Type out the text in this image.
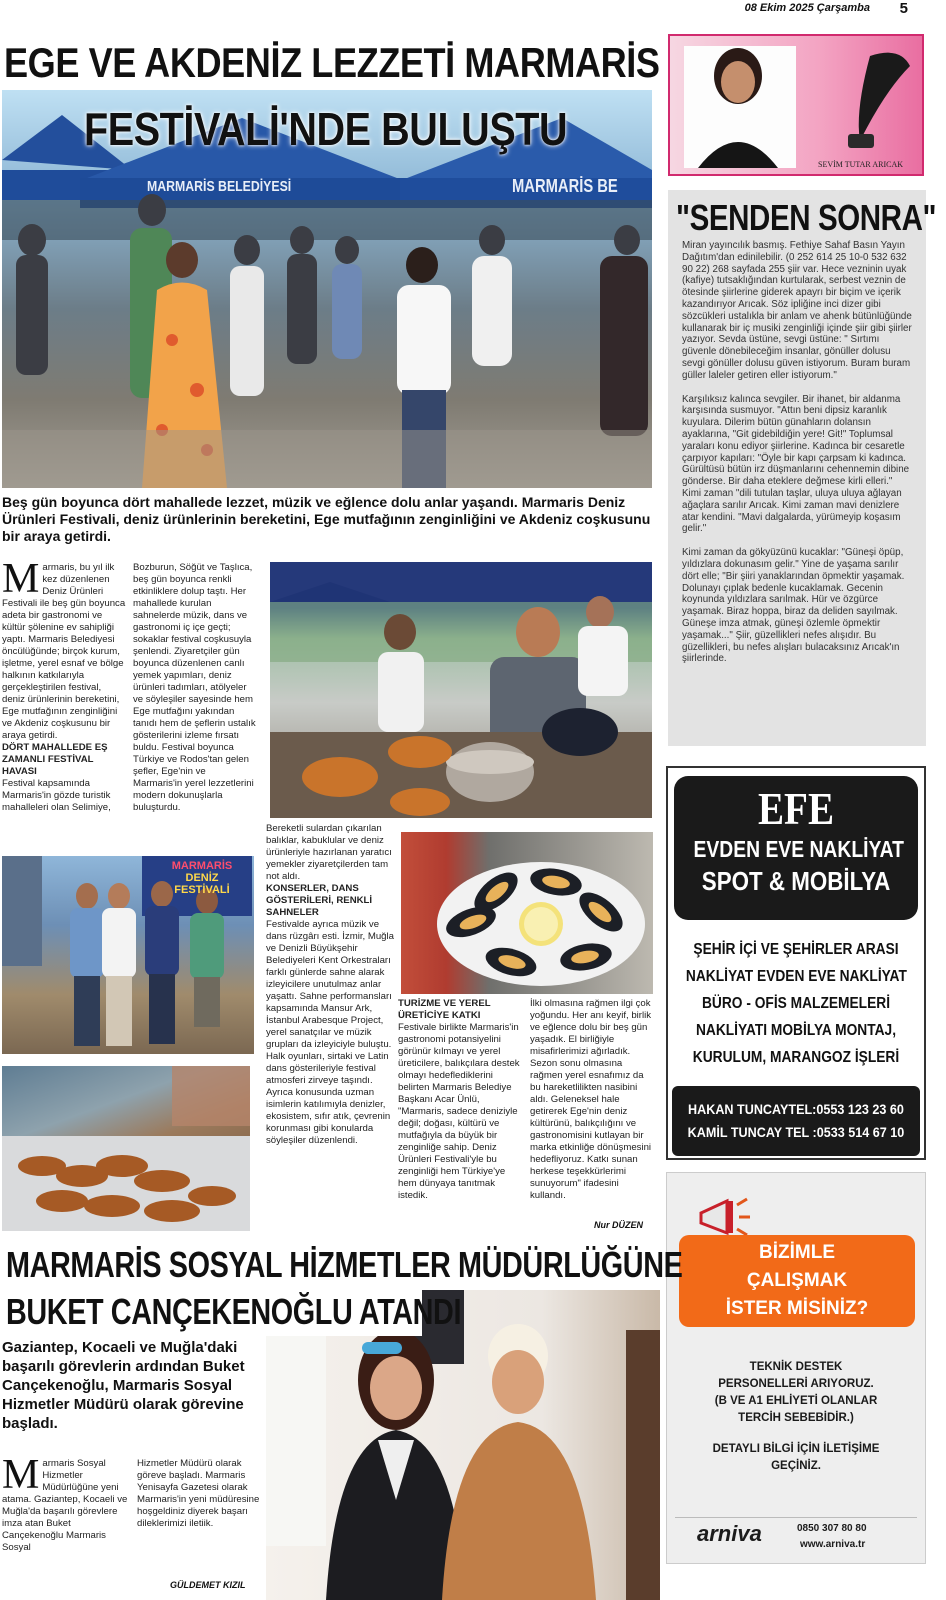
08 Ekim 2025 Çarşamba 5
EGE VE AKDENİZ LEZZETİ MARMARİS
MARMARİS BELEDİYESİ	MARMARİS BE
FESTİVALİ'NDE BULUŞTU
Beş gün boyunca dört mahallede lezzet, müzik ve eğlence dolu anlar yaşandı. Marmaris Deniz Ürünleri Festivali, deniz ürünlerinin bereketini, Ege mutfağının zenginliğini ve Akdeniz coşkusunu bir araya getirdi.
Marmaris, bu yıl ilk kez düzenlenen Deniz Ürünleri Festivali ile beş gün boyunca adeta bir gastronomi ve kültür şölenine ev sahipliği yaptı. Marmaris Belediyesi öncülüğünde; birçok kurum, işletme, yerel esnaf ve bölge halkının katkılarıyla gerçekleştirilen festival, deniz ürünlerinin bereketini, Ege mutfağının zenginliğini ve Akdeniz coşkusunu bir araya getirdi.
DÖRT MAHALLEDE EŞ ZAMANLI FESTİVAL HAVASI
Festival kapsamında Marmaris'in gözde turistik mahalleleri olan Selimiye,
Bozburun, Söğüt ve Taşlıca, beş gün boyunca renkli etkinliklere dolup taştı. Her mahallede kurulan sahnelerde müzik, dans ve gastronomi iç içe geçti; sokaklar festival coşkusuyla şenlendi. Ziyaretçiler gün boyunca düzenlenen canlı yemek yapımları, deniz ürünleri tadımları, atölyeler ve söyleşiler sayesinde hem Ege mutfağını yakından tanıdı hem de şeflerin ustalık gösterilerini izleme fırsatı buldu. Festival boyunca Türkiye ve Rodos'tan gelen şefler, Ege'nin ve Marmaris'in yerel lezzetlerini modern dokunuşlarla buluşturdu.
Bereketli sulardan çıkarılan balıklar, kabuklular ve deniz ürünleriyle hazırlanan yaratıcı yemekler ziyaretçilerden tam not aldı.
KONSERLER, DANS GÖSTERİLERİ, RENKLİ SAHNELER
Festivalde ayrıca müzik ve dans rüzgârı esti. İzmir, Muğla ve Denizli Büyükşehir Belediyeleri Kent Orkestraları farklı günlerde sahne alarak izleyicilere unutulmaz anlar yaşattı. Sahne performansları kapsamında Mansur Ark, İstanbul Arabesque Project, yerel sanatçılar ve müzik grupları da izleyiciyle buluştu. Halk oyunları, sirtaki ve Latin dans gösterileriyle festival atmosferi zirveye taşındı. Ayrıca konusunda uzman isimlerin katılımıyla denizler, ekosistem, sıfır atık, çevrenin korunması gibi konularda söyleşiler düzenlendi.
TURİZME VE YEREL ÜRETİCİYE KATKI
Festivale birlikte Marmaris'in gastronomi potansiyelini görünür kılmayı ve yerel üreticilere, balıkçılara destek olmayı hedeflediklerini belirten Marmaris Belediye Başkanı Acar Ünlü, "Marmaris, sadece deniziyle değil; doğası, kültürü ve mutfağıyla da büyük bir zenginliğe sahip. Deniz Ürünleri Festivali'yle bu zenginliği hem Türkiye'ye hem dünyaya tanıtmak istedik.
İlki olmasına rağmen ilgi çok yoğundu. Her anı keyif, birlik ve eğlence dolu bir beş gün yaşadık. El birliğiyle misafirlerimizi ağırladık. Sezon sonu olmasına rağmen yerel esnafımız da bu hareketlilikten nasibini aldı. Geleneksel hale getirerek Ege'nin deniz kültürünü, balıkçılığını ve gastronomisini kutlayan bir marka etkinliğe dönüşmesini hedefliyoruz. Katkı sunan herkese teşekkürlerimi sunuyorum" ifadesini kullandı.
Nur DÜZEN
MARMARİS
DENİZ
FESTİVALİ
SEVİM TUTAR ARICAK
"SENDEN SONRA"

Miran yayıncılık basmış. Fethiye Sahaf Basın Yayın Dağıtım'dan edinilebilir. (0 252 614 25 10-0 532 632 90 22) 268 sayfada 255 şiir var. Hece vezninin uyak (kafiye) tutsaklığından kurtularak, serbest veznin de ötesinde şiirlerine giderek apayrı bir biçim ve içerik kazandırıyor Arıcak. Söz ipliğine inci dizer gibi sözcükleri ustalıkla bir anlam ve ahenk bütünlüğünde kullanarak bir iç musiki zenginliği içinde şiir gibi şiirler yazıyor. Sevda üstüne, sevgi üstüne: " Sırtımı güvenle dönebileceğim insanlar, gönüller dolusu sevgi gönüller dolusu güven istiyorum. Buram buram güller laleler getiren eller istiyorum."

Karşılıksız kalınca sevgiler. Bir ihanet, bir aldanma karşısında susmuyor. "Attın beni dipsiz karanlık kuyulara. Dilerim bütün günahların dolansın ayaklarına, "Git gidebildiğin yere! Git!" Toplumsal yaraları konu ediyor şiirlerine. Kadınca bir cesaretle çarpıyor kapıları: "Öyle bir kapı çarpsam ki kadınca. Gürültüsü bütün irz düşmanlarını cehennemin dibine gönderse. Bir daha eteklere değmese kirli elleri." Kimi zaman "dili tutulan taşlar, uluya uluya ağlayan ağaçlara sarılır Arıcak. Kimi zaman mavi denizlere atar kendini. "Mavi dalgalarda, yürümeyip koşasım gelir."

Kimi zaman da gökyüzünü kucaklar: "Güneşi öpüp, yıldızlara dokunasım gelir." Yine de yaşama sarılır dört elle; "Bir şiiri yanaklarından öpmektir yaşamak. Dolunayı çıplak bedenle kucaklamak. Gecenin koynunda yıldızlara sarılmak. Hür ve özgürce yaşamak. Biraz hoppa, biraz da deliden sayılmak. Güneşe imza atmak, güneşi özlemle öpmektir yaşamak..." Şiir, güzellikleri nefes alışıdır. Bu güzellikleri, bu nefes alışları bulacaksınız Arıcak'ın şiirlerinde.

EFE
EVDEN EVE NAKLİYAT
SPOT & MOBİLYA
ŞEHİR İÇİ VE ŞEHİRLER ARASI
NAKLİYAT EVDEN EVE NAKLİYAT
BÜRO - OFİS MALZEMELERİ
NAKLİYATI MOBİLYA MONTAJ,
KURULUM, MARANGOZ İŞLERİ
HAKAN TUNCAYTEL:0553 123 23 60
KAMİL TUNCAY TEL :0533 514 67 10
BİZİMLE
ÇALIŞMAK
İSTER MİSİNİZ?
TEKNİK DESTEK
PERSONELLERİ ARIYORUZ.
(B VE A1 EHLİYETİ OLANLAR
TERCİH SEBEBİDİR.)
DETAYLI BİLGİ İÇİN İLETİŞİME
GEÇİNİZ.
arniva	0850 307 80 80
www.arniva.tr
MARMARİS SOSYAL HİZMETLER MÜDÜRLÜĞÜNE
BUKET CANÇEKENOĞLU ATANDI
Gaziantep, Kocaeli ve Muğla'daki başarılı görevlerin ardından Buket Cançekenoğlu, Marmaris Sosyal Hizmetler Müdürü olarak görevine başladı.
Marmaris Sosyal Hizmetler Müdürlüğüne yeni atama. Gaziantep, Kocaeli ve Muğla'da başarılı görevlere imza atan Buket Cançekenoğlu Marmaris Sosyal
Hizmetler Müdürü olarak göreve başladı. Marmaris Yenisayfa Gazetesi olarak Marmaris'in yeni müdüresine hoşgeldiniz diyerek başarı dileklerimizi iletiik.
GÜLDEMET KIZIL
